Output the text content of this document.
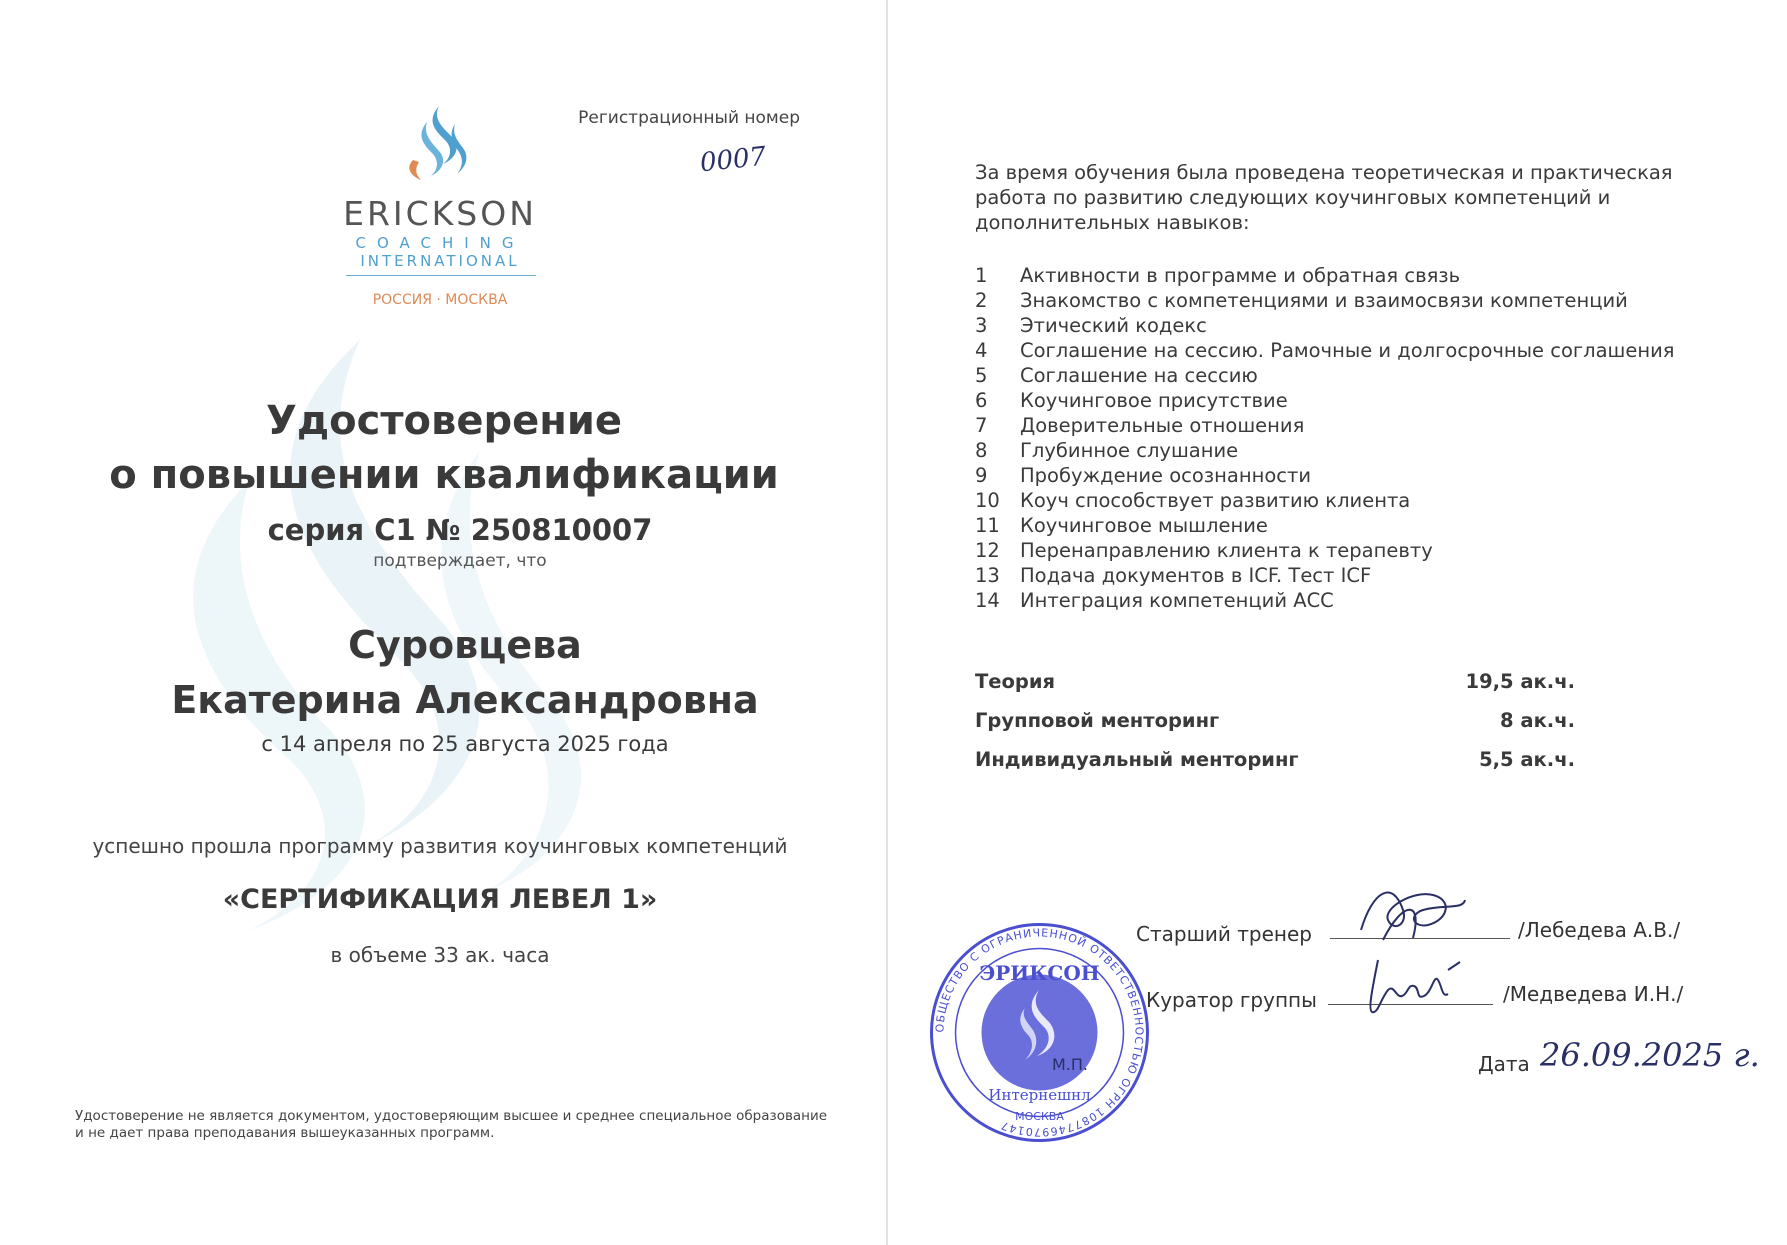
ERICKSON
COACHING
INTERNATIONAL
РОССИЯ · МОСКВА
Регистрационный номер
0007
Удостоверение
о повышении квалификации
серия С1 № 250810007
подтверждает, что
Суровцева
Екатерина Александровна
с 14 апреля по 25 августа 2025 года
успешно прошла программу развития коучинговых компетенций
«СЕРТИФИКАЦИЯ ЛЕВЕЛ 1»
в объеме 33 ак. часа
Удостоверение не является документом, удостоверяющим высшее и среднее специальное образование и не дает права преподавания вышеуказанных программ.
За время обучения была проведена теоретическая и практическая работа по развитию следующих коучинговых компетенций и дополнительных навыков:
1	Активности в программе и обратная связь
2	Знакомство с компетенциями и взаимосвязи компетенций
3	Этический кодекс
4	Соглашение на сессию. Рамочные и долгосрочные соглашения
5	Соглашение на сессию
6	Коучинговое присутствие
7	Доверительные отношения
8	Глубинное слушание
9	Пробуждение осознанности
10	Коуч способствует развитию клиента
11	Коучинговое мышление
12	Перенаправлению клиента к терапевту
13	Подача документов в ICF. Тест ICF
14	Интеграция компетенций АСС
Теория	19,5 ак.ч.
Групповой менторинг	8 ак.ч.
Индивидуальный менторинг	5,5 ак.ч.
ОБЩЕСТВО С ОГРАНИЧЕННОЙ ОТВЕТСТВЕННОСТЬЮ ОГРН 1087746970147
ЭРИКСОН
Интернешнл
МОСКВА
Старший тренер	/Лебедева А.В./
Куратор группы	/Медведева И.Н./
Дата 26.09.2025 г.
М.П.
